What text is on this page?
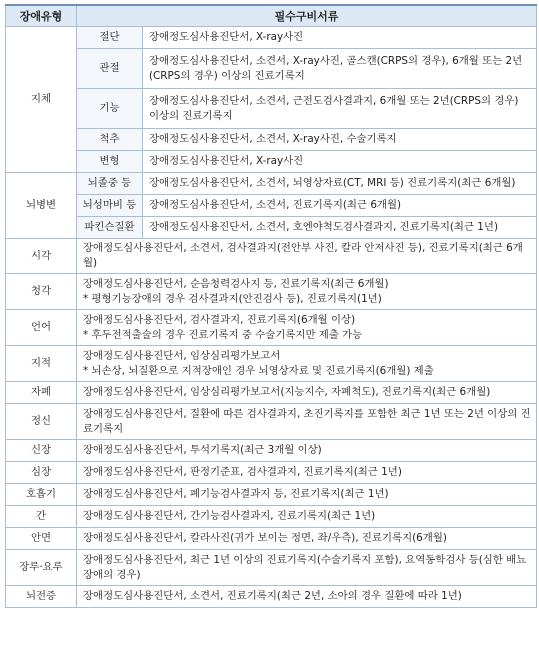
장애유형	필수구비서류	
지체	절단	장애정도심사용진단서, X-ray사진
	관절	장애정도심사용진단서, 소견서, X-ray사진, 골스캔(CRPS의 경우), 6개월 또는 2년(CRPS의 경우) 이상의 진료기록지
	기능	장애정도심사용진단서, 소견서, 근전도검사결과지, 6개월 또는 2년(CRPS의 경우) 이상의 진료기록지
	척추	장애정도심사용진단서, 소견서, X-ray사진, 수술기록지
	변형	장애정도심사용진단서, X-ray사진
뇌병변	뇌졸중 등	장애정도심사용진단서, 소견서, 뇌영상자료(CT, MRI 등) 진료기록지(최근 6개월)
	뇌성마비 등	장애정도심사용진단서, 소견서, 진료기록지(최근 6개월)
	파킨슨질환	장애정도심사용진단서, 소견서, 호엔야척도검사결과지, 진료기록지(최근 1년)
시각	장애정도심사용진단서, 소견서, 검사결과지(전안부 사진, 칼라 안저사진 등), 진료기록지(최근 6개월)	
청각	장애정도심사용진단서, 순음청력검사지 등, 진료기록지(최근 6개월)
* 평형기능장애의 경우 검사결과지(안진검사 등), 진료기록지(1년)	

언어	장애정도심사용진단서, 검사결과지, 진료기록지(6개월 이상)
* 후두전적출술의 경우 진료기록지 중 수술기록지만 제출 가능	

지적	장애정도심사용진단서, 임상심리평가보고서
* 뇌손상, 뇌질환으로 지적장애인 경우 뇌영상자료 및 진료기록지(6개월) 제출	

자폐	장애정도심사용진단서, 임상심리평가보고서(지능지수, 자폐척도), 진료기록지(최근 6개월)	
정신	장애정도심사용진단서, 질환에 따른 검사결과지, 초진기록지를 포함한 최근 1년 또는 2년 이상의 진료기록지	
신장	장애정도심사용진단서, 투석기록지(최근 3개월 이상)	
심장	장애정도심사용진단서, 판정기준표, 검사결과지, 진료기록지(최근 1년)	
호흡기	장애정도심사용진단서, 폐기능검사결과지 등, 진료기록지(최근 1년)	
간	장애정도심사용진단서, 간기능검사결과지, 진료기록지(최근 1년)	
안면	장애정도심사용진단서, 칼라사진(귀가 보이는 정면, 좌/우측), 진료기록지(6개월)	
장루·요루	장애정도심사용진단서, 최근 1년 이상의 진료기록지(수술기록지 포함), 요역동학검사 등(심한 배뇨장애의 경우)	
뇌전증	장애정도심사용진단서, 소견서, 진료기록지(최근 2년, 소아의 경우 질환에 따라 1년)	
